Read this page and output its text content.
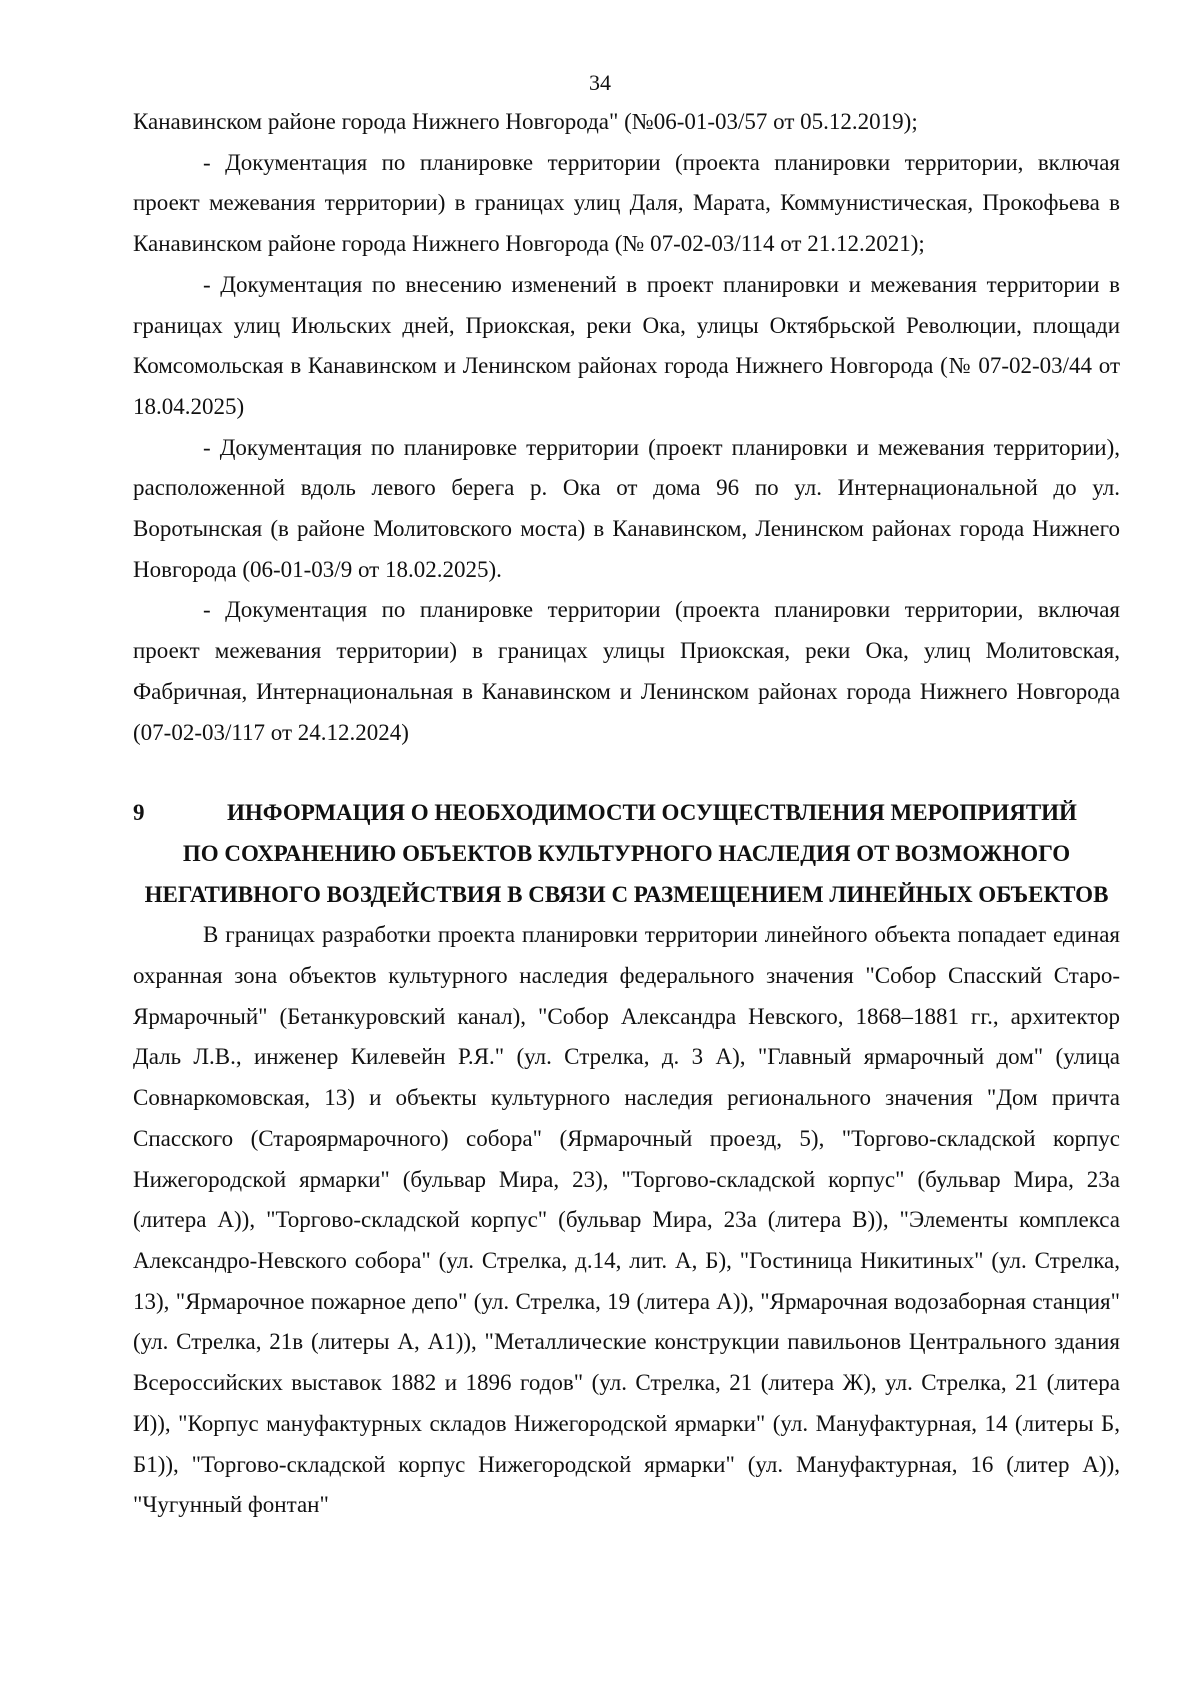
34

Канавинском районе города Нижнего Новгорода" (№06-01-03/57 от 05.12.2019);

- Документация по планировке территории (проекта планировки территории, включая проект межевания территории) в границах улиц Даля, Марата, Коммунистическая, Прокофьева в Канавинском районе города Нижнего Новгорода (№ 07-02-03/114 от 21.12.2021);

- Документация по внесению изменений в проект планировки и межевания территории в границах улиц Июльских дней, Приокская, реки Ока, улицы Октябрьской Революции, площади Комсомольская в Канавинском и Ленинском районах города Нижнего Новгорода (№ 07-02-03/44 от 18.04.2025)

- Документация по планировке территории (проект планировки и межевания территории), расположенной вдоль левого берега р. Ока от дома 96 по ул. Интернациональной до ул. Воротынская (в районе Молитовского моста) в Канавинском, Ленинском районах города Нижнего Новгорода (06-01-03/9 от 18.02.2025).

- Документация по планировке территории (проекта планировки территории, включая проект межевания территории) в границах улицы Приокская, реки Ока, улиц Молитовская, Фабричная, Интернациональная в Канавинском и Ленинском районах города Нижнего Новгорода (07-02-03/117 от 24.12.2024)

9	ИНФОРМАЦИЯ О НЕОБХОДИМОСТИ ОСУЩЕСТВЛЕНИЯ МЕРОПРИЯТИЙ
ПО СОХРАНЕНИЮ ОБЪЕКТОВ КУЛЬТУРНОГО НАСЛЕДИЯ ОТ ВОЗМОЖНОГО НЕГАТИВНОГО ВОЗДЕЙСТВИЯ В СВЯЗИ С РАЗМЕЩЕНИЕМ ЛИНЕЙНЫХ ОБЪЕКТОВ

В границах разработки проекта планировки территории линейного объекта попадает единая охранная зона объектов культурного наследия федерального значения "Собор Спасский Старо-Ярмарочный" (Бетанкуровский канал), "Собор Александра Невского, 1868–1881 гг., архитектор Даль Л.В., инженер Килевейн Р.Я." (ул. Стрелка, д. 3 А), "Главный ярмарочный дом" (улица Совнаркомовская, 13) и объекты культурного наследия регионального значения "Дом причта Спасского (Староярмарочного) собора" (Ярмарочный проезд, 5), "Торгово-складской корпус Нижегородской ярмарки" (бульвар Мира, 23), "Торгово-складской корпус" (бульвар Мира, 23а (литера А)), "Торгово-складской корпус" (бульвар Мира, 23а (литера В)), "Элементы комплекса Александро-Невского собора" (ул. Стрелка, д.14, лит. А, Б), "Гостиница Никитиных" (ул. Стрелка, 13), "Ярмарочное пожарное депо" (ул. Стрелка, 19 (литера А)), "Ярмарочная водозаборная станция" (ул. Стрелка, 21в (литеры А, А1)), "Металлические конструкции павильонов Центрального здания Всероссийских выставок 1882 и 1896 годов" (ул. Стрелка, 21 (литера Ж), ул. Стрелка, 21 (литера И)), "Корпус мануфактурных складов Нижегородской ярмарки" (ул. Мануфактурная, 14 (литеры Б, Б1)), "Торгово-складской корпус Нижегородской ярмарки" (ул. Мануфактурная, 16 (литер А)), "Чугунный фонтан"
